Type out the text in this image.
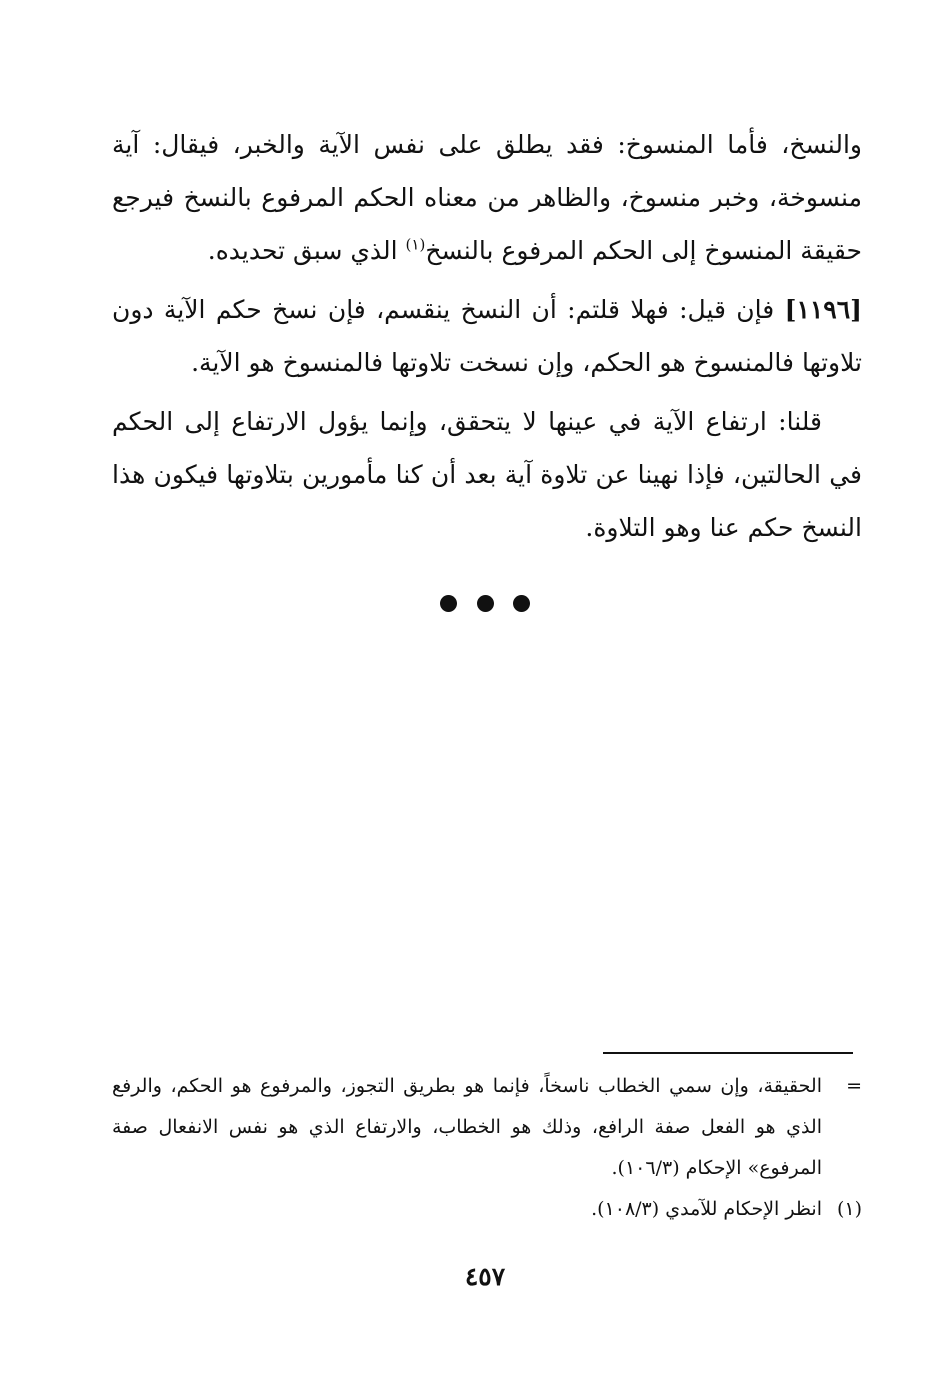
والنسخ، فأما المنسوخ: فقد يطلق على نفس الآية والخبر، فيقال: آية منسوخة، وخبر منسوخ، والظاهر من معناه الحكم المرفوع بالنسخ فيرجع حقيقة المنسوخ إلى الحكم المرفوع بالنسخ$^{(١)}$ الذي سبق تحديده.

[١١٩٦] فإن قيل: فهلا قلتم: أن النسخ ينقسم، فإن نسخ حكم الآية دون تلاوتها فالمنسوخ هو الحكم، وإن نسخت تلاوتها فالمنسوخ هو الآية.

قلنا: ارتفاع الآية في عينها لا يتحقق، وإنما يؤول الارتفاع إلى الحكم في الحالتين، فإذا نهينا عن تلاوة آية بعد أن كنا مأمورين بتلاوتها فيكون هذا النسخ حكم عنا وهو التلاوة.

=
الحقيقة، وإن سمي الخطاب ناسخاً، فإنما هو بطريق التجوز، والمرفوع هو الحكم، والرفع الذي هو الفعل صفة الرافع، وذلك هو الخطاب، والارتفاع الذي هو نفس الانفعال صفة المرفوع» الإحكام (١٠٦/٣).
(١)
انظر الإحكام للآمدي (١٠٨/٣).
٤٥٧
